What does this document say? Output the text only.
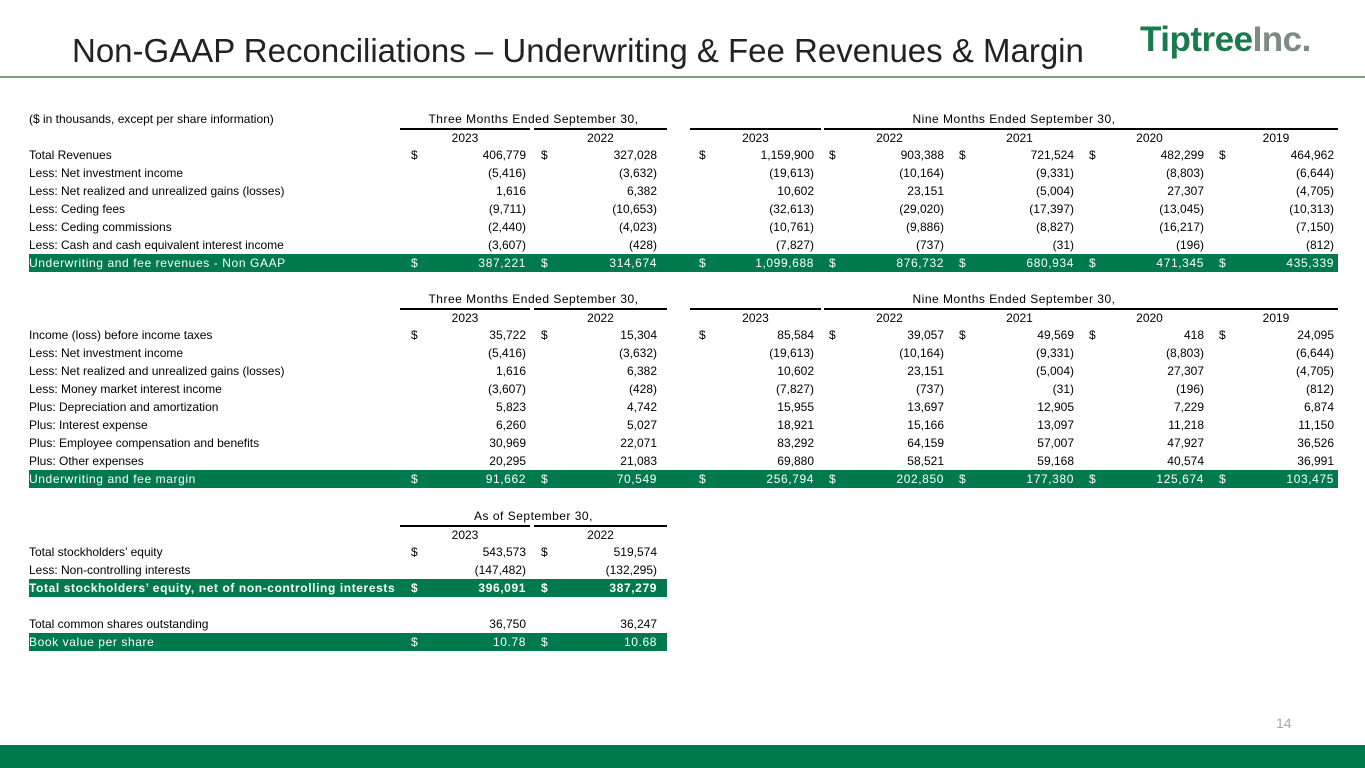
Non-GAAP Reconciliations – Underwriting & Fee Revenues & Margin TiptreeInc.
($ in thousands, except per share information)	Three Months Ended September 30,	Nine Months Ended September 30,
2023	2022	2023	2022	2021	2020	2019
Total Revenues	$	406,779 $	327,028	$	1,159,900 $	903,388 $	721,524 $	482,299 $	464,962
Less: Net investment income	(5,416)	(3,632)	(19,613)	(10,164)	(9,331)	(8,803)	(6,644)
Less: Net realized and unrealized gains (losses)	1,616	6,382	10,602	23,151	(5,004)	27,307	(4,705)
Less: Ceding fees	(9,711)	(10,653)	(32,613)	(29,020)	(17,397)	(13,045)	(10,313)
Less: Ceding commissions	(2,440)	(4,023)	(10,761)	(9,886)	(8,827)	(16,217)	(7,150)
Less: Cash and cash equivalent interest income	(3,607)	(428)	(7,827)	(737)	(31)	(196)	(812)
Underwriting and fee revenues - Non GAAP	$	387,221 $	314,674	$	1,099,688 $	876,732 $	680,934 $	471,345 $	435,339
Three Months Ended September 30,	Nine Months Ended September 30,
2023	2022	2023	2022	2021	2020	2019
Income (loss) before income taxes	$	35,722 $	15,304	$	85,584 $	39,057 $	49,569 $	418 $	24,095
Less: Net investment income	(5,416)	(3,632)	(19,613)	(10,164)	(9,331)	(8,803)	(6,644)
Less: Net realized and unrealized gains (losses)	1,616	6,382	10,602	23,151	(5,004)	27,307	(4,705)
Less: Money market interest income	(3,607)	(428)	(7,827)	(737)	(31)	(196)	(812)
Plus: Depreciation and amortization	5,823	4,742	15,955	13,697	12,905	7,229	6,874
Plus: Interest expense	6,260	5,027	18,921	15,166	13,097	11,218	11,150
Plus: Employee compensation and benefits	30,969	22,071	83,292	64,159	57,007	47,927	36,526
Plus: Other expenses	20,295	21,083	69,880	58,521	59,168	40,574	36,991
Underwriting and fee margin	$	91,662 $	70,549	$	256,794 $	202,850 $	177,380 $	125,674 $	103,475
As of September 30,
2023	2022
Total stockholders’ equity	$	543,573 $	519,574
Less: Non-controlling interests	(147,482)	(132,295)
Total stockholders’ equity, net of non-controlling interests $	396,091 $	387,279
Total common shares outstanding	36,750	36,247
Book value per share	$	10.78 $	10.68
14
